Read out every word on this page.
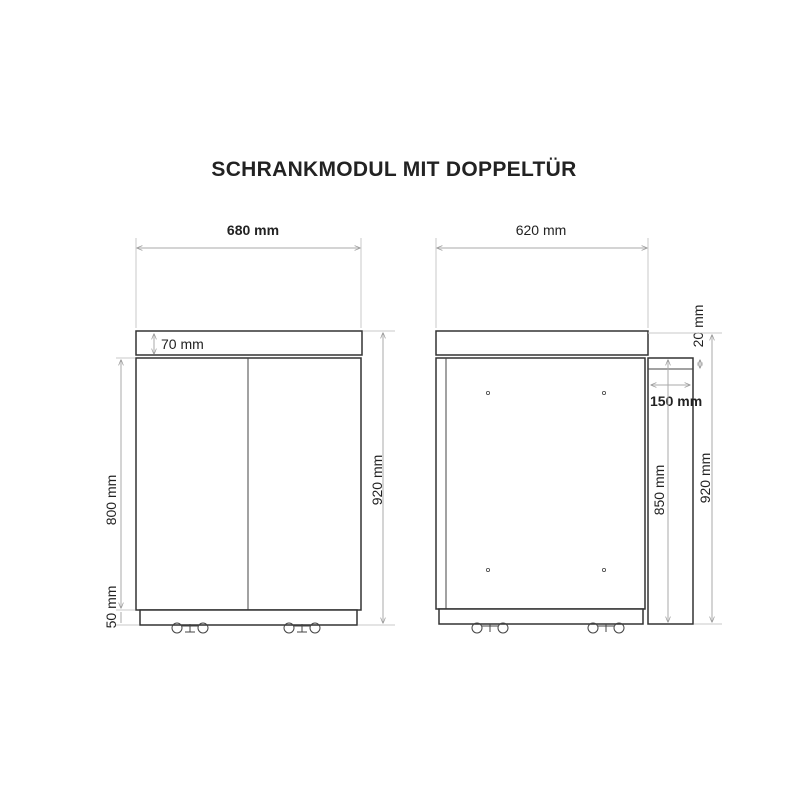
SCHRANKMODUL MIT DOPPELTÜR
680 mm
70 mm
800 mm
50 mm
920 mm
620 mm
150 mm
850 mm
20 mm
920 mm
